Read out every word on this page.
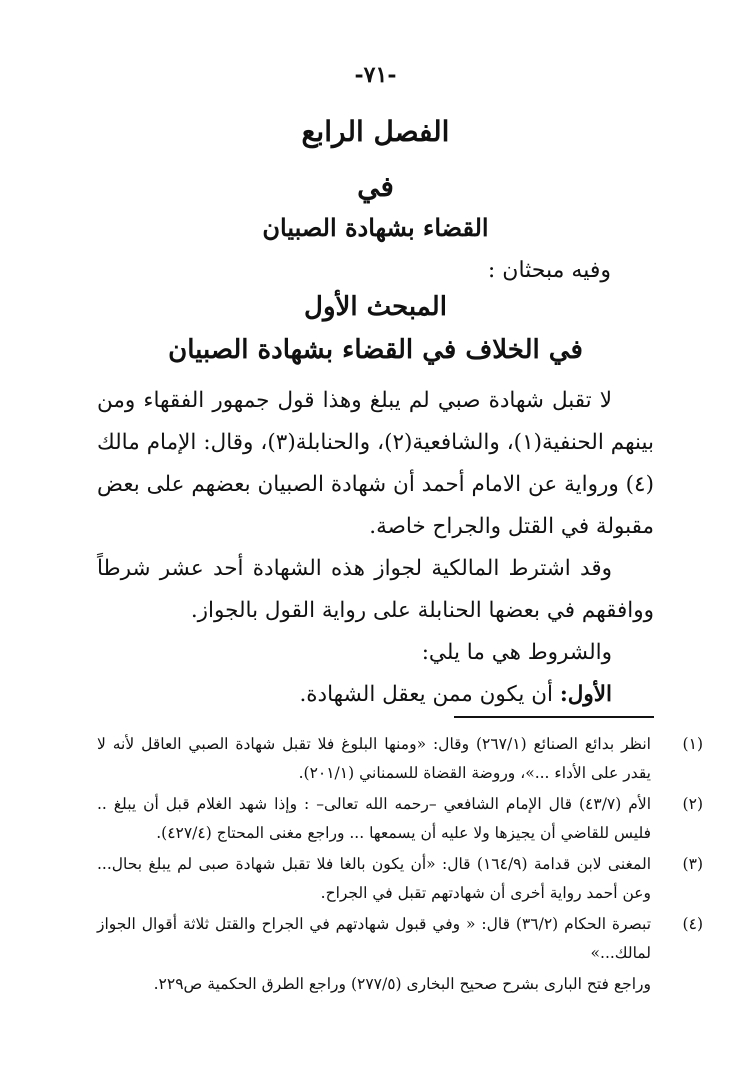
-٧١-
الفصل الرابع
في
القضاء بشهادة الصبيان
وفيه مبحثان :
المبحث الأول
في الخلاف في القضاء بشهادة الصبيان

لا تقبل شهادة صبي لم يبلغ وهذا قول جمهور الفقهاء ومن بينهم الحنفية(١)، والشافعية(٢)، والحنابلة(٣)، وقال: الإمام مالك (٤) ورواية عن الامام أحمد أن شهادة الصبيان بعضهم على بعض مقبولة في القتل والجراح خاصة.

وقد اشترط المالكية لجواز هذه الشهادة أحد عشر شرطاً ووافقهم في بعضها الحنابلة على رواية القول بالجواز.

والشروط هي ما يلي:

الأول: أن يكون ممن يعقل الشهادة.

(١)
انظر بدائع الصنائع (٢٦٧/١) وقال: «ومنها البلوغ فلا تقبل شهادة الصبي العاقل لأنه لا يقدر على الأداء ...»، وروضة القضاة للسمناني (٢٠١/١).
(٢)
الأم (٤٣/٧) قال الإمام الشافعي –رحمه الله تعالى– : وإذا شهد الغلام قبل أن يبلغ .. فليس للقاضي أن يجيزها ولا عليه أن يسمعها ... وراجع مغنى المحتاج (٤٢٧/٤).
(٣)
المغنى لابن قدامة (١٦٤/٩) قال: «أن يكون بالغا فلا تقبل شهادة صبى لم يبلغ بحال... وعن أحمد رواية أخرى أن شهادتهم تقبل في الجراح.
(٤)
تبصرة الحكام (٣٦/٢) قال: « وفي قبول شهادتهم في الجراح والقتل ثلاثة أقوال الجواز لمالك...»
وراجع فتح البارى بشرح صحيح البخارى (٢٧٧/٥) وراجع الطرق الحكمية ص٢٢٩.
